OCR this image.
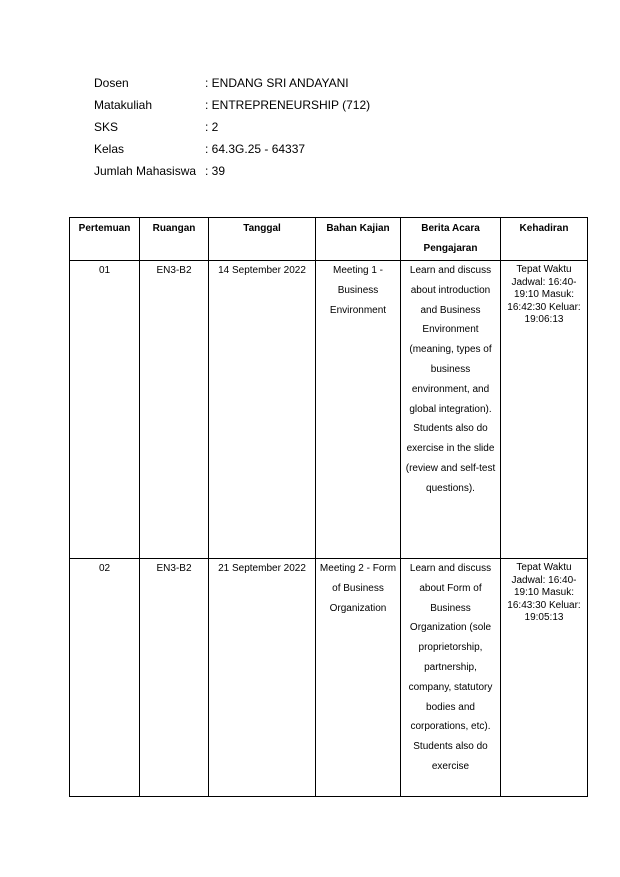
Dosen	: ENDANG SRI ANDAYANI
Matakuliah	: ENTREPRENEURSHIP (712)
SKS	: 2
Kelas	: 64.3G.25 - 64337
Jumlah Mahasiswa : 39
Pertemuan	Ruangan	Tanggal	Bahan Kajian	Berita Acara Pengajaran	Kehadiran
01	EN3-B2	14 September 2022	Meeting 1 - Business Environment	Learn and discuss about introduction and Business Environment (meaning, types of business environment, and global integration). Students also do exercise in the slide (review and self-test questions).	Tepat Waktu Jadwal: 16:40-19:10 Masuk: 16:42:30 Keluar: 19:06:13
02	EN3-B2	21 September 2022	Meeting 2 - Form of Business Organization	Learn and discuss about Form of Business Organization (sole proprietorship, partnership, company, statutory bodies and corporations, etc). Students also do exercise	Tepat Waktu Jadwal: 16:40-19:10 Masuk: 16:43:30 Keluar: 19:05:13
